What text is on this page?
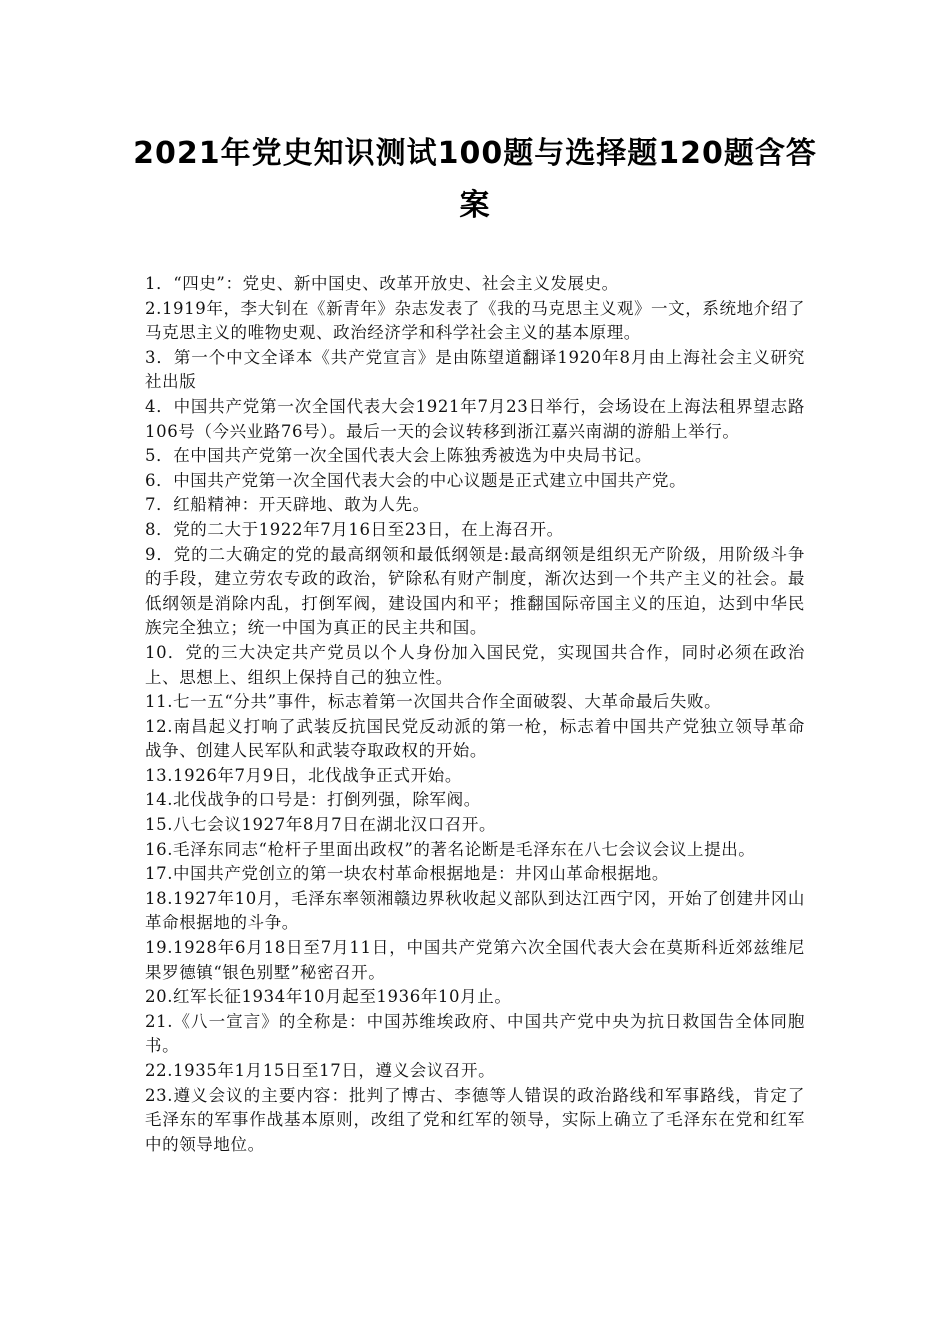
2021年党史知识测试100题与选择题120题含答案
1．“四史”：党史、新中国史、改革开放史、社会主义发展史。
2.1919年，李大钊在《新青年》杂志发表了《我的马克思主义观》一文，系统地介绍了马克思主义的唯物史观、政治经济学和科学社会主义的基本原理。
3．第一个中文全译本《共产党宣言》是由陈望道翻译1920年8月由上海社会主义研究社出版
4．中国共产党第一次全国代表大会1921年7月23日举行，会场设在上海法租界望志路106号（今兴业路76号）。最后一天的会议转移到浙江嘉兴南湖的游船上举行。
5．在中国共产党第一次全国代表大会上陈独秀被选为中央局书记。
6．中国共产党第一次全国代表大会的中心议题是正式建立中国共产党。
7．红船精神：开天辟地、敢为人先。
8．党的二大于1922年7月16日至23日，在上海召开。
9．党的二大确定的党的最高纲领和最低纲领是:最高纲领是组织无产阶级，用阶级斗争的手段，建立劳农专政的政治，铲除私有财产制度，渐次达到一个共产主义的社会。最低纲领是消除内乱，打倒军阀，建设国内和平；推翻国际帝国主义的压迫，达到中华民族完全独立；统一中国为真正的民主共和国。
10．党的三大决定共产党员以个人身份加入国民党，实现国共合作，同时必须在政治上、思想上、组织上保持自己的独立性。
11.七一五“分共”事件，标志着第一次国共合作全面破裂、大革命最后失败。
12.南昌起义打响了武装反抗国民党反动派的第一枪，标志着中国共产党独立领导革命战争、创建人民军队和武装夺取政权的开始。
13.1926年7月9日，北伐战争正式开始。
14.北伐战争的口号是：打倒列强，除军阀。
15.八七会议1927年8月7日在湖北汉口召开。
16.毛泽东同志“枪杆子里面出政权”的著名论断是毛泽东在八七会议会议上提出。
17.中国共产党创立的第一块农村革命根据地是：井冈山革命根据地。
18.1927年10月，毛泽东率领湘赣边界秋收起义部队到达江西宁冈，开始了创建井冈山革命根据地的斗争。
19.1928年6月18日至7月11日，中国共产党第六次全国代表大会在莫斯科近郊兹维尼果罗德镇“银色别墅”秘密召开。
20.红军长征1934年10月起至1936年10月止。
21.《八一宣言》的全称是：中国苏维埃政府、中国共产党中央为抗日救国告全体同胞书。
22.1935年1月15日至17日，遵义会议召开。
23.遵义会议的主要内容：批判了博古、李德等人错误的政治路线和军事路线，肯定了毛泽东的军事作战基本原则，改组了党和红军的领导，实际上确立了毛泽东在党和红军中的领导地位。
